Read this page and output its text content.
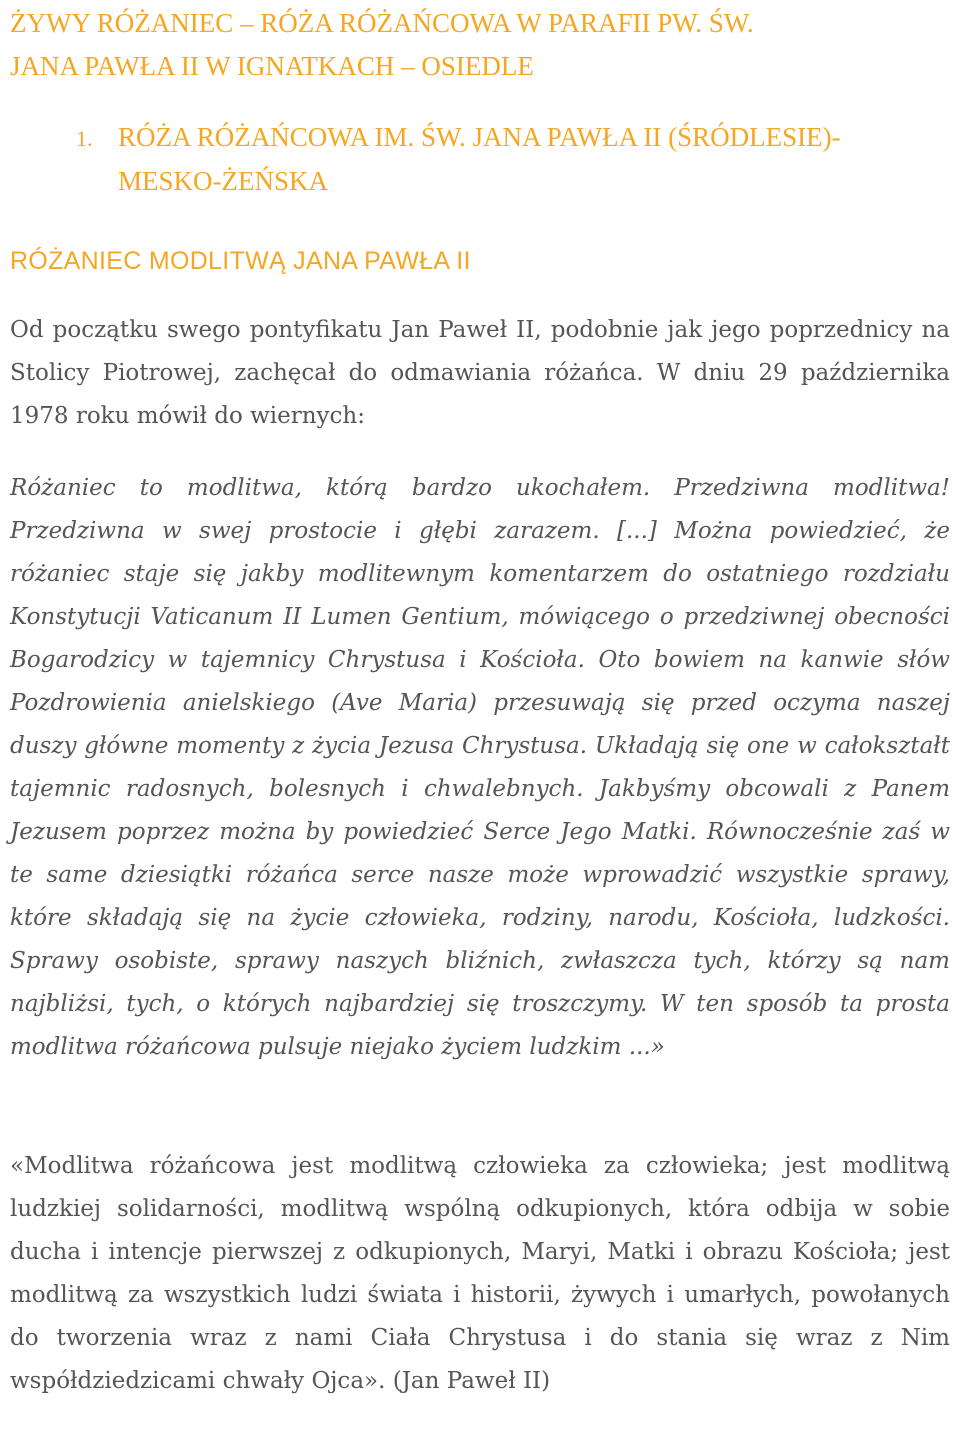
ŻYWY RÓŻANIEC – RÓŻA RÓŻAŃCOWA W PARAFII PW. ŚW.
JANA PAWŁA II W IGNATKACH – OSIEDLE
1. RÓŻA RÓŻAŃCOWA IM. ŚW. JANA PAWŁA II (ŚRÓDLESIE)-
MESKO-ŻEŃSKA
RÓŻANIEC MODLITWĄ JANA PAWŁA II

Od początku swego pontyfikatu Jan Paweł II, podobnie jak jego poprzednicy na Stolicy Piotrowej, zachęcał do odmawiania różańca. W dniu 29 października 1978 roku mówił do wiernych:

Różaniec to modlitwa, którą bardzo ukochałem. Przedziwna modlitwa! Przedziwna w swej prostocie i głębi zarazem. [...] Można powiedzieć, że różaniec staje się jakby modlitewnym komentarzem do ostatniego rozdziału Konstytucji Vaticanum II Lumen Gentium, mówiącego o przedziwnej obecności Bogarodzicy w tajemnicy Chrystusa i Kościoła. Oto bowiem na kanwie słów Pozdrowienia anielskiego (Ave Maria) przesuwają się przed oczyma naszej duszy główne momenty z życia Jezusa Chrystusa. Układają się one w całokształt tajemnic radosnych, bolesnych i chwalebnych. Jakbyśmy obcowali z Panem Jezusem poprzez można by powiedzieć Serce Jego Matki. Równocześnie zaś w te same dziesiątki różańca serce nasze może wprowadzić wszystkie sprawy, które składają się na życie człowieka, rodziny, narodu, Kościoła, ludzkości. Sprawy osobiste, sprawy naszych bliźnich, zwłaszcza tych, którzy są nam najbliżsi, tych, o których najbardziej się troszczymy. W ten sposób ta prosta modlitwa różańcowa pulsuje niejako życiem ludzkim ...»

«Modlitwa różańcowa jest modlitwą człowieka za człowieka; jest modlitwą ludzkiej solidarności, modlitwą wspólną odkupionych, która odbija w sobie ducha i intencje pierwszej z odkupionych, Maryi, Matki i obrazu Kościoła; jest modlitwą za wszystkich ludzi świata i historii, żywych i umarłych, powołanych do tworzenia wraz z nami Ciała Chrystusa i do stania się wraz z Nim współdziedzicami chwały Ojca». (Jan Paweł II)
